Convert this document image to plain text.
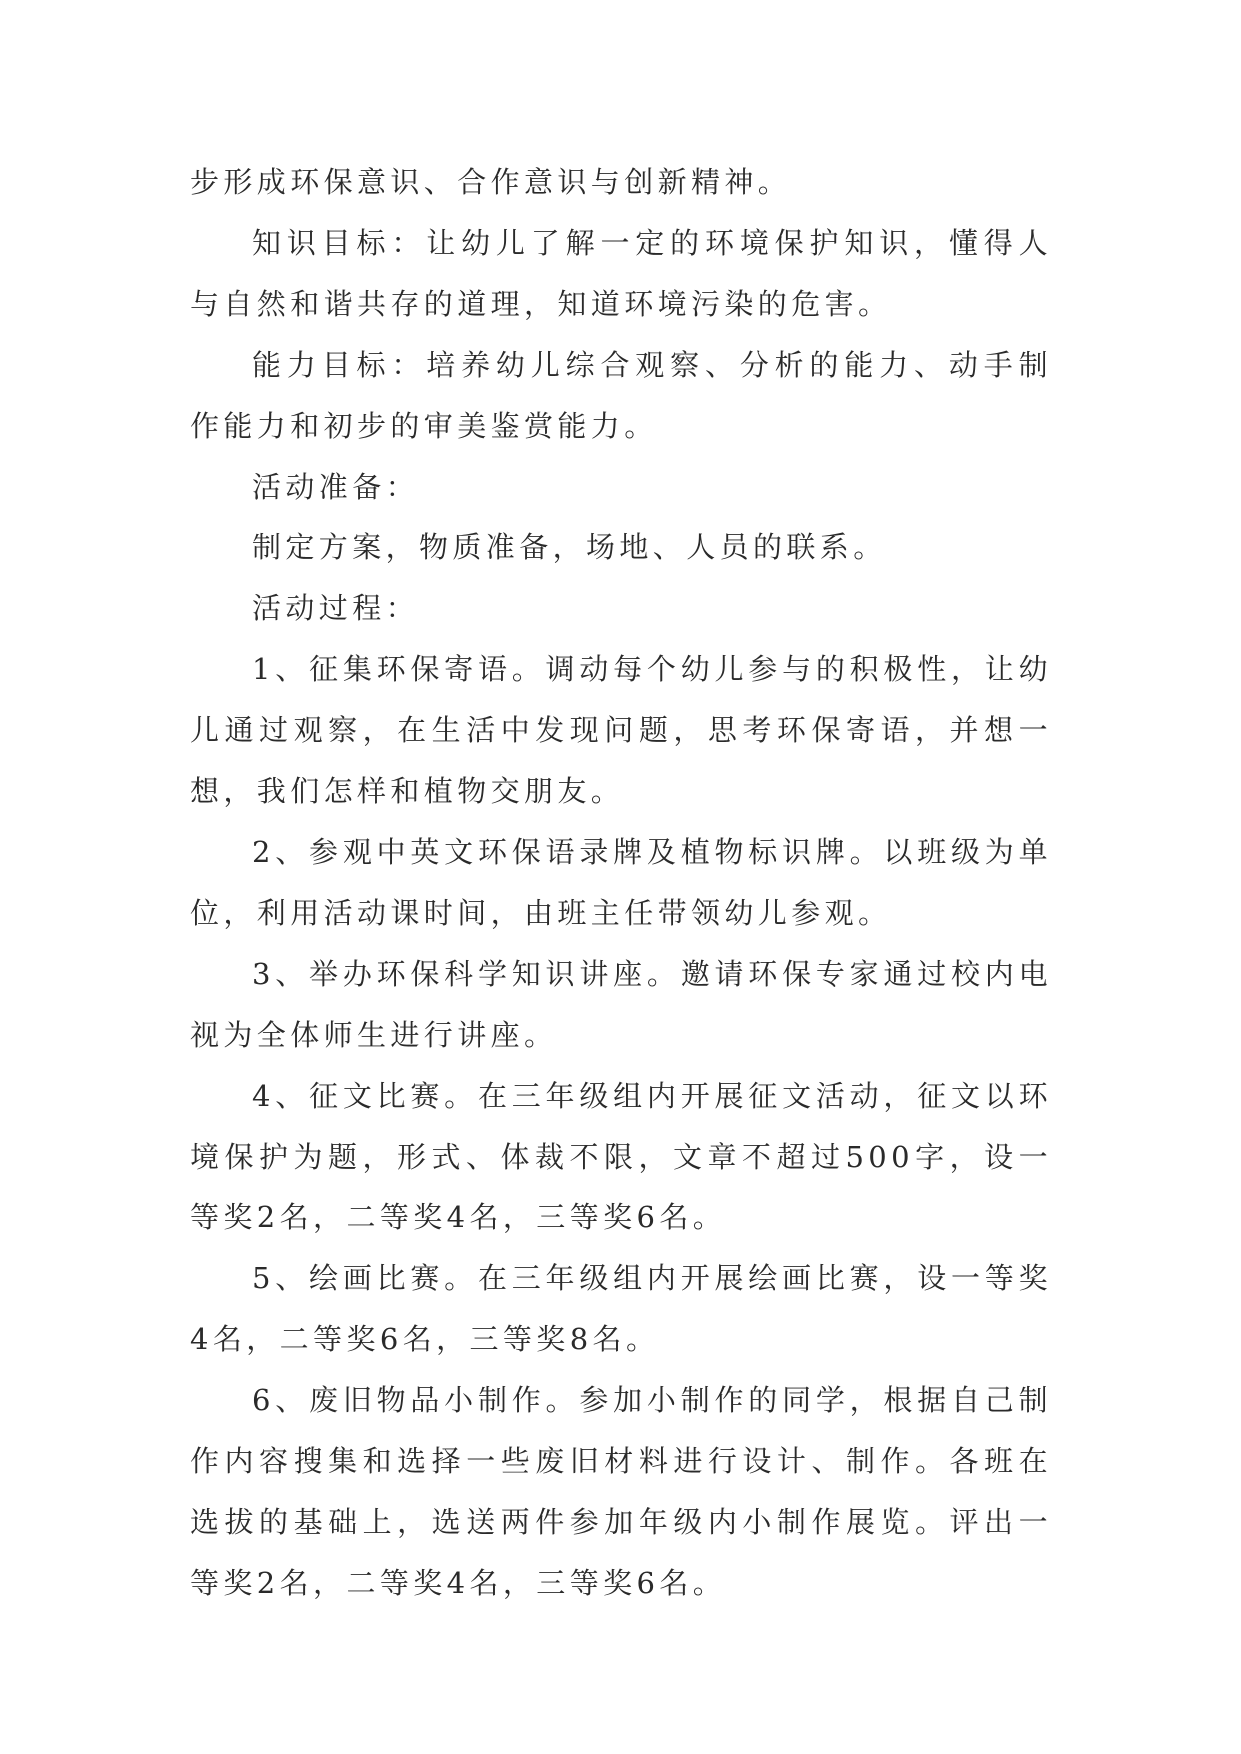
步形成环保意识、合作意识与创新精神。

知识目标：让幼儿了解一定的环境保护知识，懂得人与自然和谐共存的道理，知道环境污染的危害。

能力目标：培养幼儿综合观察、分析的能力、动手制作能力和初步的审美鉴赏能力。

活动准备：

制定方案，物质准备，场地、人员的联系。

活动过程：

1、征集环保寄语。调动每个幼儿参与的积极性，让幼儿通过观察，在生活中发现问题，思考环保寄语，并想一想，我们怎样和植物交朋友。

2、参观中英文环保语录牌及植物标识牌。以班级为单位，利用活动课时间，由班主任带领幼儿参观。

3、举办环保科学知识讲座。邀请环保专家通过校内电视为全体师生进行讲座。

4、征文比赛。在三年级组内开展征文活动，征文以环境保护为题，形式、体裁不限，文章不超过500字，设一等奖2名，二等奖4名，三等奖6名。

5、绘画比赛。在三年级组内开展绘画比赛，设一等奖4名，二等奖6名，三等奖8名。

6、废旧物品小制作。参加小制作的同学，根据自己制作内容搜集和选择一些废旧材料进行设计、制作。各班在选拔的基础上，选送两件参加年级内小制作展览。评出一等奖2名，二等奖4名，三等奖6名。
